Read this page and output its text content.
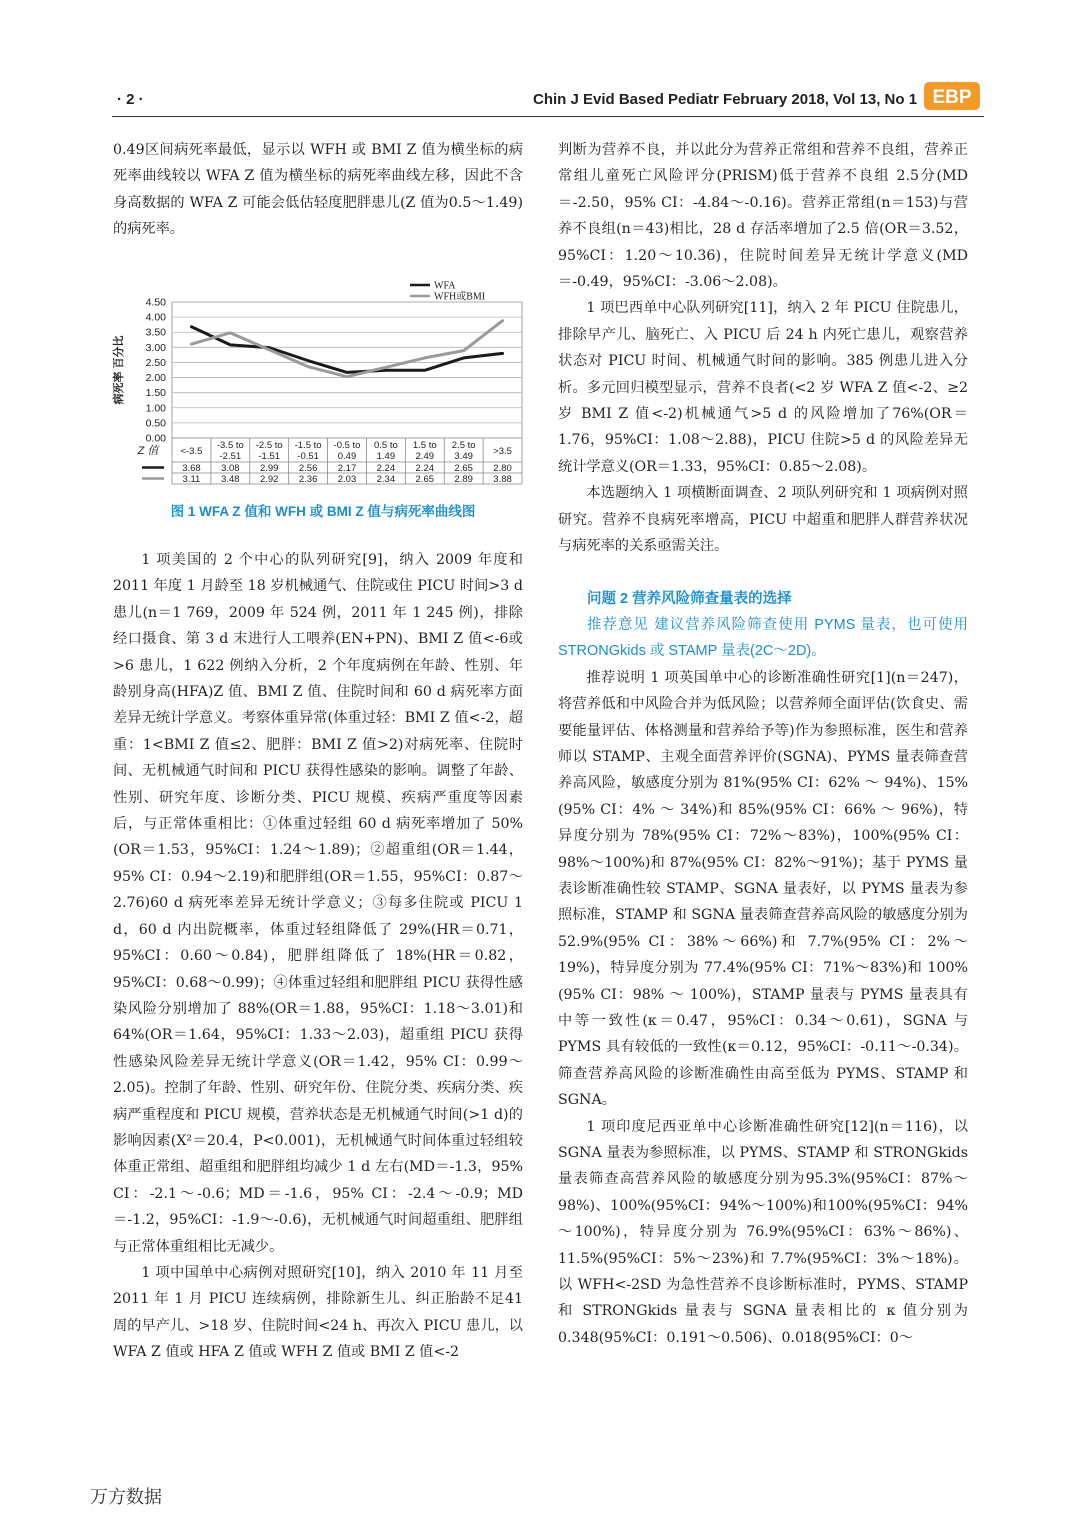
· 2 ·	Chin J Evid Based Pediatr February 2018, Vol 13, No 1 EBP

0.49区间病死率最低，显示以 WFH 或 BMI Z 值为横坐标的病死率曲线较以 WFA Z 值为横坐标的病死率曲线左移，因此不含身高数据的 WFA Z 可能会低估轻度肥胖患儿(Z 值为0.5～1.49)的病死率。

0.00
0.50
1.00
1.50
2.00
2.50
3.00
3.50
4.00
4.50
病死率 百分比
Z 值 <-3.5
-3.5 to
-2.51
-2.5 to
-1.51
-1.5 to
-0.51
-0.5 to
0.49
0.5 to
1.49
1.5 to
2.49
2.5 to
3.49 >3.5
3.68 3.08 2.99 2.56 2.17 2.24 2.24 2.65 2.80
3.11 3.48 2.92 2.36 2.03 2.34 2.65 2.89 3.88
WFA
WFH或BMI
图 1 WFA Z 值和 WFH 或 BMI Z 值与病死率曲线图

1 项美国的 2 个中心的队列研究[9]，纳入 2009 年度和 2011 年度 1 月龄至 18 岁机械通气、住院或住 PICU 时间>3 d患儿(n＝1 769，2009 年 524 例，2011 年 1 245 例)，排除经口摄食、第 3 d 末进行人工喂养(EN+PN)、BMI Z 值<-6或>6 患儿，1 622 例纳入分析，2 个年度病例在年龄、性别、年龄别身高(HFA)Z 值、BMI Z 值、住院时间和 60 d 病死率方面差异无统计学意义。考察体重异常(体重过轻：BMI Z 值<-2，超重：1<BMI Z 值≤2、肥胖：BMI Z 值>2)对病死率、住院时间、无机械通气时间和 PICU 获得性感染的影响。调整了年龄、性别、研究年度、诊断分类、PICU 规模、疾病严重度等因素后，与正常体重相比：①体重过轻组 60 d 病死率增加了 50%(OR＝1.53，95%CI：1.24～1.89)；②超重组(OR＝1.44，95% CI：0.94～2.19)和肥胖组(OR＝1.55，95%CI：0.87～2.76)60 d 病死率差异无统计学意义；③每多住院或 PICU 1 d，60 d 内出院概率，体重过轻组降低了 29%(HR＝0.71，95%CI：0.60～0.84)，肥胖组降低了 18%(HR＝0.82，95%CI：0.68～0.99)；④体重过轻组和肥胖组 PICU 获得性感染风险分别增加了 88%(OR＝1.88，95%CI：1.18～3.01)和 64%(OR＝1.64，95%CI：1.33～2.03)，超重组 PICU 获得性感染风险差异无统计学意义(OR＝1.42，95% CI：0.99～2.05)。控制了年龄、性别、研究年份、住院分类、疾病分类、疾病严重程度和 PICU 规模，营养状态是无机械通气时间(>1 d)的影响因素(X²＝20.4，P<0.001)，无机械通气时间体重过轻组较体重正常组、超重组和肥胖组均减少 1 d 左右(MD＝-1.3，95% CI：-2.1～-0.6；MD＝-1.6，95% CI：-2.4～-0.9；MD＝-1.2，95%CI：-1.9～-0.6)，无机械通气时间超重组、肥胖组与正常体重组相比无减少。

1 项中国单中心病例对照研究[10]，纳入 2010 年 11 月至 2011 年 1 月 PICU 连续病例，排除新生儿、纠正胎龄不足41 周的早产儿、>18 岁、住院时间<24 h、再次入 PICU 患儿，以 WFA Z 值或 HFA Z 值或 WFH Z 值或 BMI Z 值<-2

判断为营养不良，并以此分为营养正常组和营养不良组，营养正常组儿童死亡风险评分(PRISM)低于营养不良组 2.5分(MD＝-2.50，95% CI：-4.84～-0.16)。营养正常组(n＝153)与营养不良组(n＝43)相比，28 d 存活率增加了2.5 倍(OR＝3.52，95%CI：1.20～10.36)，住院时间差异无统计学意义(MD＝-0.49，95%CI：-3.06～2.08)。

1 项巴西单中心队列研究[11]，纳入 2 年 PICU 住院患儿，排除早产儿、脑死亡、入 PICU 后 24 h 内死亡患儿，观察营养状态对 PICU 时间、机械通气时间的影响。385 例患儿进入分析。多元回归模型显示，营养不良者(<2 岁 WFA Z 值<-2、≥2 岁 BMI Z 值<-2)机械通气>5 d 的风险增加了76%(OR＝1.76，95%CI：1.08～2.88)，PICU 住院>5 d 的风险差异无统计学意义(OR＝1.33，95%CI：0.85～2.08)。

本选题纳入 1 项横断面调查、2 项队列研究和 1 项病例对照研究。营养不良病死率增高，PICU 中超重和肥胖人群营养状况与病死率的关系亟需关注。

问题 2 营养风险筛查量表的选择

推荐意见 建议营养风险筛查使用 PYMS 量表，也可使用 STRONGkids 或 STAMP 量表(2C～2D)。

推荐说明 1 项英国单中心的诊断准确性研究[1](n＝247)，将营养低和中风险合并为低风险；以营养师全面评估(饮食史、需要能量评估、体格测量和营养给予等)作为参照标准，医生和营养师以 STAMP、主观全面营养评价(SGNA)、PYMS 量表筛查营养高风险，敏感度分别为 81%(95% CI：62% ～ 94%)、15%(95% CI：4% ～ 34%)和 85%(95% CI：66% ～ 96%)，特异度分别为 78%(95% CI：72%～83%)，100%(95% CI：98%～100%)和 87%(95% CI：82%～91%)；基于 PYMS 量表诊断准确性较 STAMP、SGNA 量表好，以 PYMS 量表为参照标准，STAMP 和 SGNA 量表筛查营养高风险的敏感度分别为 52.9%(95% CI：38%～66%)和 7.7%(95% CI：2%～19%)，特异度分别为 77.4%(95% CI：71%～83%)和 100%(95% CI：98% ～ 100%)，STAMP 量表与 PYMS 量表具有中等一致性(κ＝0.47，95%CI：0.34～0.61)，SGNA 与 PYMS 具有较低的一致性(κ＝0.12，95%CI：-0.11～-0.34)。筛查营养高风险的诊断准确性由高至低为 PYMS、STAMP 和 SGNA。

1 项印度尼西亚单中心诊断准确性研究[12](n＝116)，以 SGNA 量表为参照标准，以 PYMS、STAMP 和 STRONGkids 量表筛查高营养风险的敏感度分别为95.3%(95%CI：87%～98%)、100%(95%CI：94%～100%)和100%(95%CI：94%～100%)，特异度分别为 76.9%(95%CI：63%～86%)、11.5%(95%CI：5%～23%)和 7.7%(95%CI：3%～18%)。以 WFH<-2SD 为急性营养不良诊断标准时，PYMS、STAMP 和 STRONGkids 量表与 SGNA 量表相比的 κ 值分别为 0.348(95%CI：0.191～0.506)、0.018(95%CI：0～

万方数据
